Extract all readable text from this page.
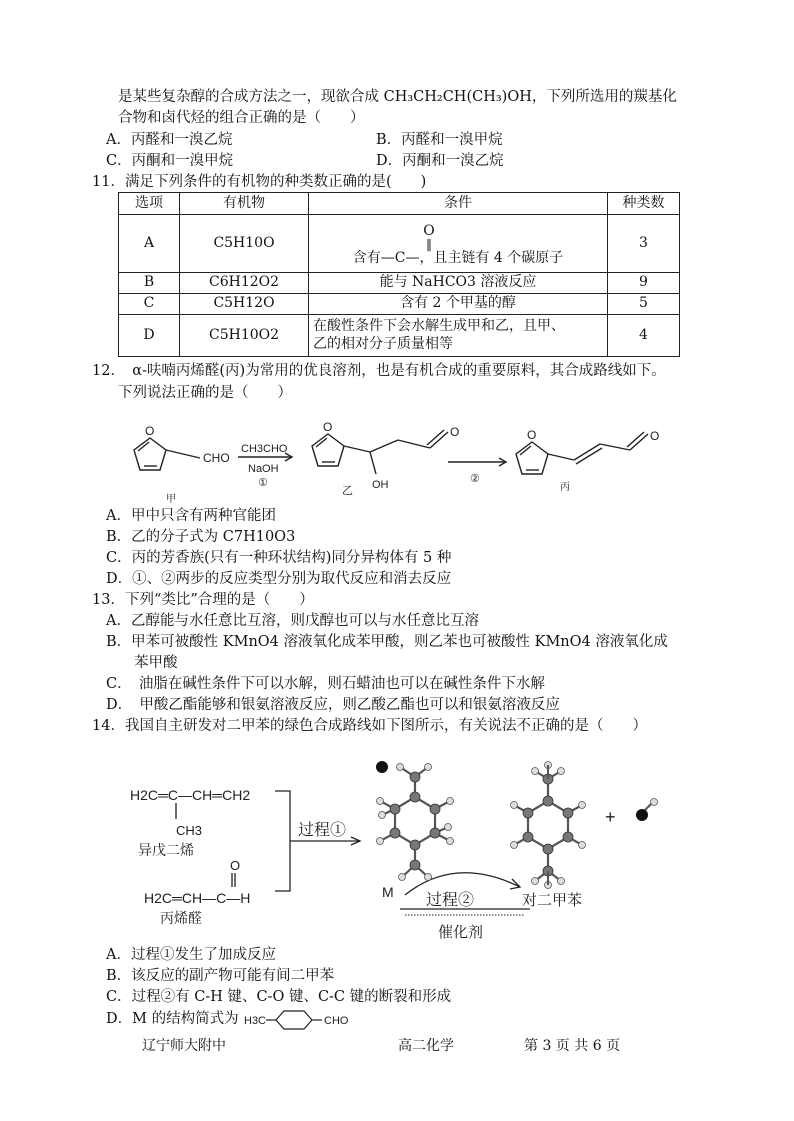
是某些复杂醇的合成方法之一，现欲合成 CH₃CH₂CH(CH₃)OH，下列所选用的羰基化
合物和卤代烃的组合正确的是（　　）
A．丙醛和一溴乙烷	B．丙醛和一溴甲烷
C．丙酮和一溴甲烷	D．丙酮和一溴乙烷
11．满足下列条件的有机物的种类数正确的是(　　)
选项	有机物	条件	种类数
A	C5H10O	O
‖
含有—C—，且主链有 4 个碳原子	3
B	C6H12O2	能与 NaHCO3 溶液反应	9
C	C5H12O	含有 2 个甲基的醇	5
D	C5H10O2	在酸性条件下会水解生成甲和乙，且甲、
乙的相对分子质量相等	4
12．　α-呋喃丙烯醛(丙)为常用的优良溶剂，也是有机合成的重要原料，其合成路线如下。
下列说法正确的是（　　）
O
CHO
CH3CHO
NaOH
①
O	O
OH	②
O	O
甲
乙	丙
A．甲中只含有两种官能团
B．乙的分子式为 C7H10O3
C．丙的芳香族(只有一种环状结构)同分异构体有 5 种
D．①、②两步的反应类型分别为取代反应和消去反应
13．下列“类比”合理的是（　　）
A．乙醇能与水任意比互溶，则戊醇也可以与水任意比互溶
B．甲苯可被酸性 KMnO4 溶液氧化成苯甲酸，则乙苯也可被酸性 KMnO4 溶液氧化成
苯甲酸
C．　油脂在碱性条件下可以水解，则石蜡油也可以在碱性条件下水解
D．　甲酸乙酯能够和银氨溶液反应，则乙酸乙酯也可以和银氨溶液反应
14．我国自主研发对二甲苯的绿色合成路线如下图所示，有关说法不正确的是（　　）
H2C═C—CH═CH2
CH3
异戊二烯
O
H2C═CH—C—H
丙烯醛
过程①
M 过程②	对二甲苯
催化剂
+
A．过程①发生了加成反应
B．该反应的副产物可能有间二甲苯
C．过程②有 C-H 键、C-O 键、C-C 键的断裂和形成
D．M 的结构简式为 H3C	CHO
辽宁师大附中	高二化学	第 3 页 共 6 页
